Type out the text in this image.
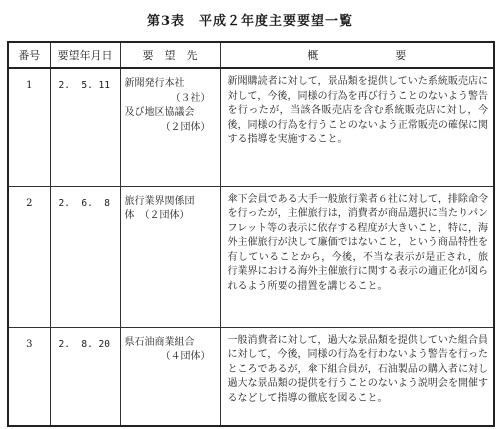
第3表 平成２年度主要要望一覧
番号	要望年月日	要　望　先	概　　　　　　　要
1	2.  5. 11	新聞発行本社
（３社）
及び地区協議会
（２団体）	新聞購読者に対して，景品類を提供していた系統販売店に対して，今後，同様の行為を再び行うことのないよう警告を行ったが，当該各販売店を含む系統販売店に対し，今後，同様の行為を行うことのないよう正常販売の確保に関する指導を実施すること。
2	2.  6.  8	旅行業界関係団
体　（２団体）	傘下会員である大手一般旅行業者６社に対して，排除命令を行ったが，主催旅行は，消費者が商品選択に当たりパンフレット等の表示に依存する程度が大きいこと，特に，海外主催旅行が決して廉価ではないこと，という商品特性を有していることから，今後，不当な表示が是正され，旅行業界における海外主催旅行に関する表示の適正化が図られるよう所要の措置を講じること。
3	2.  8. 20	県石油商業組合
（４団体）	一般消費者に対して，過大な景品類を提供していた組合員に対して，今後，同様の行為を行わないよう警告を行ったところであるが，傘下組合員が，石油製品の購入者に対し過大な景品類の提供を行うことのないよう説明会を開催するなどして指導の徹底を図ること。
